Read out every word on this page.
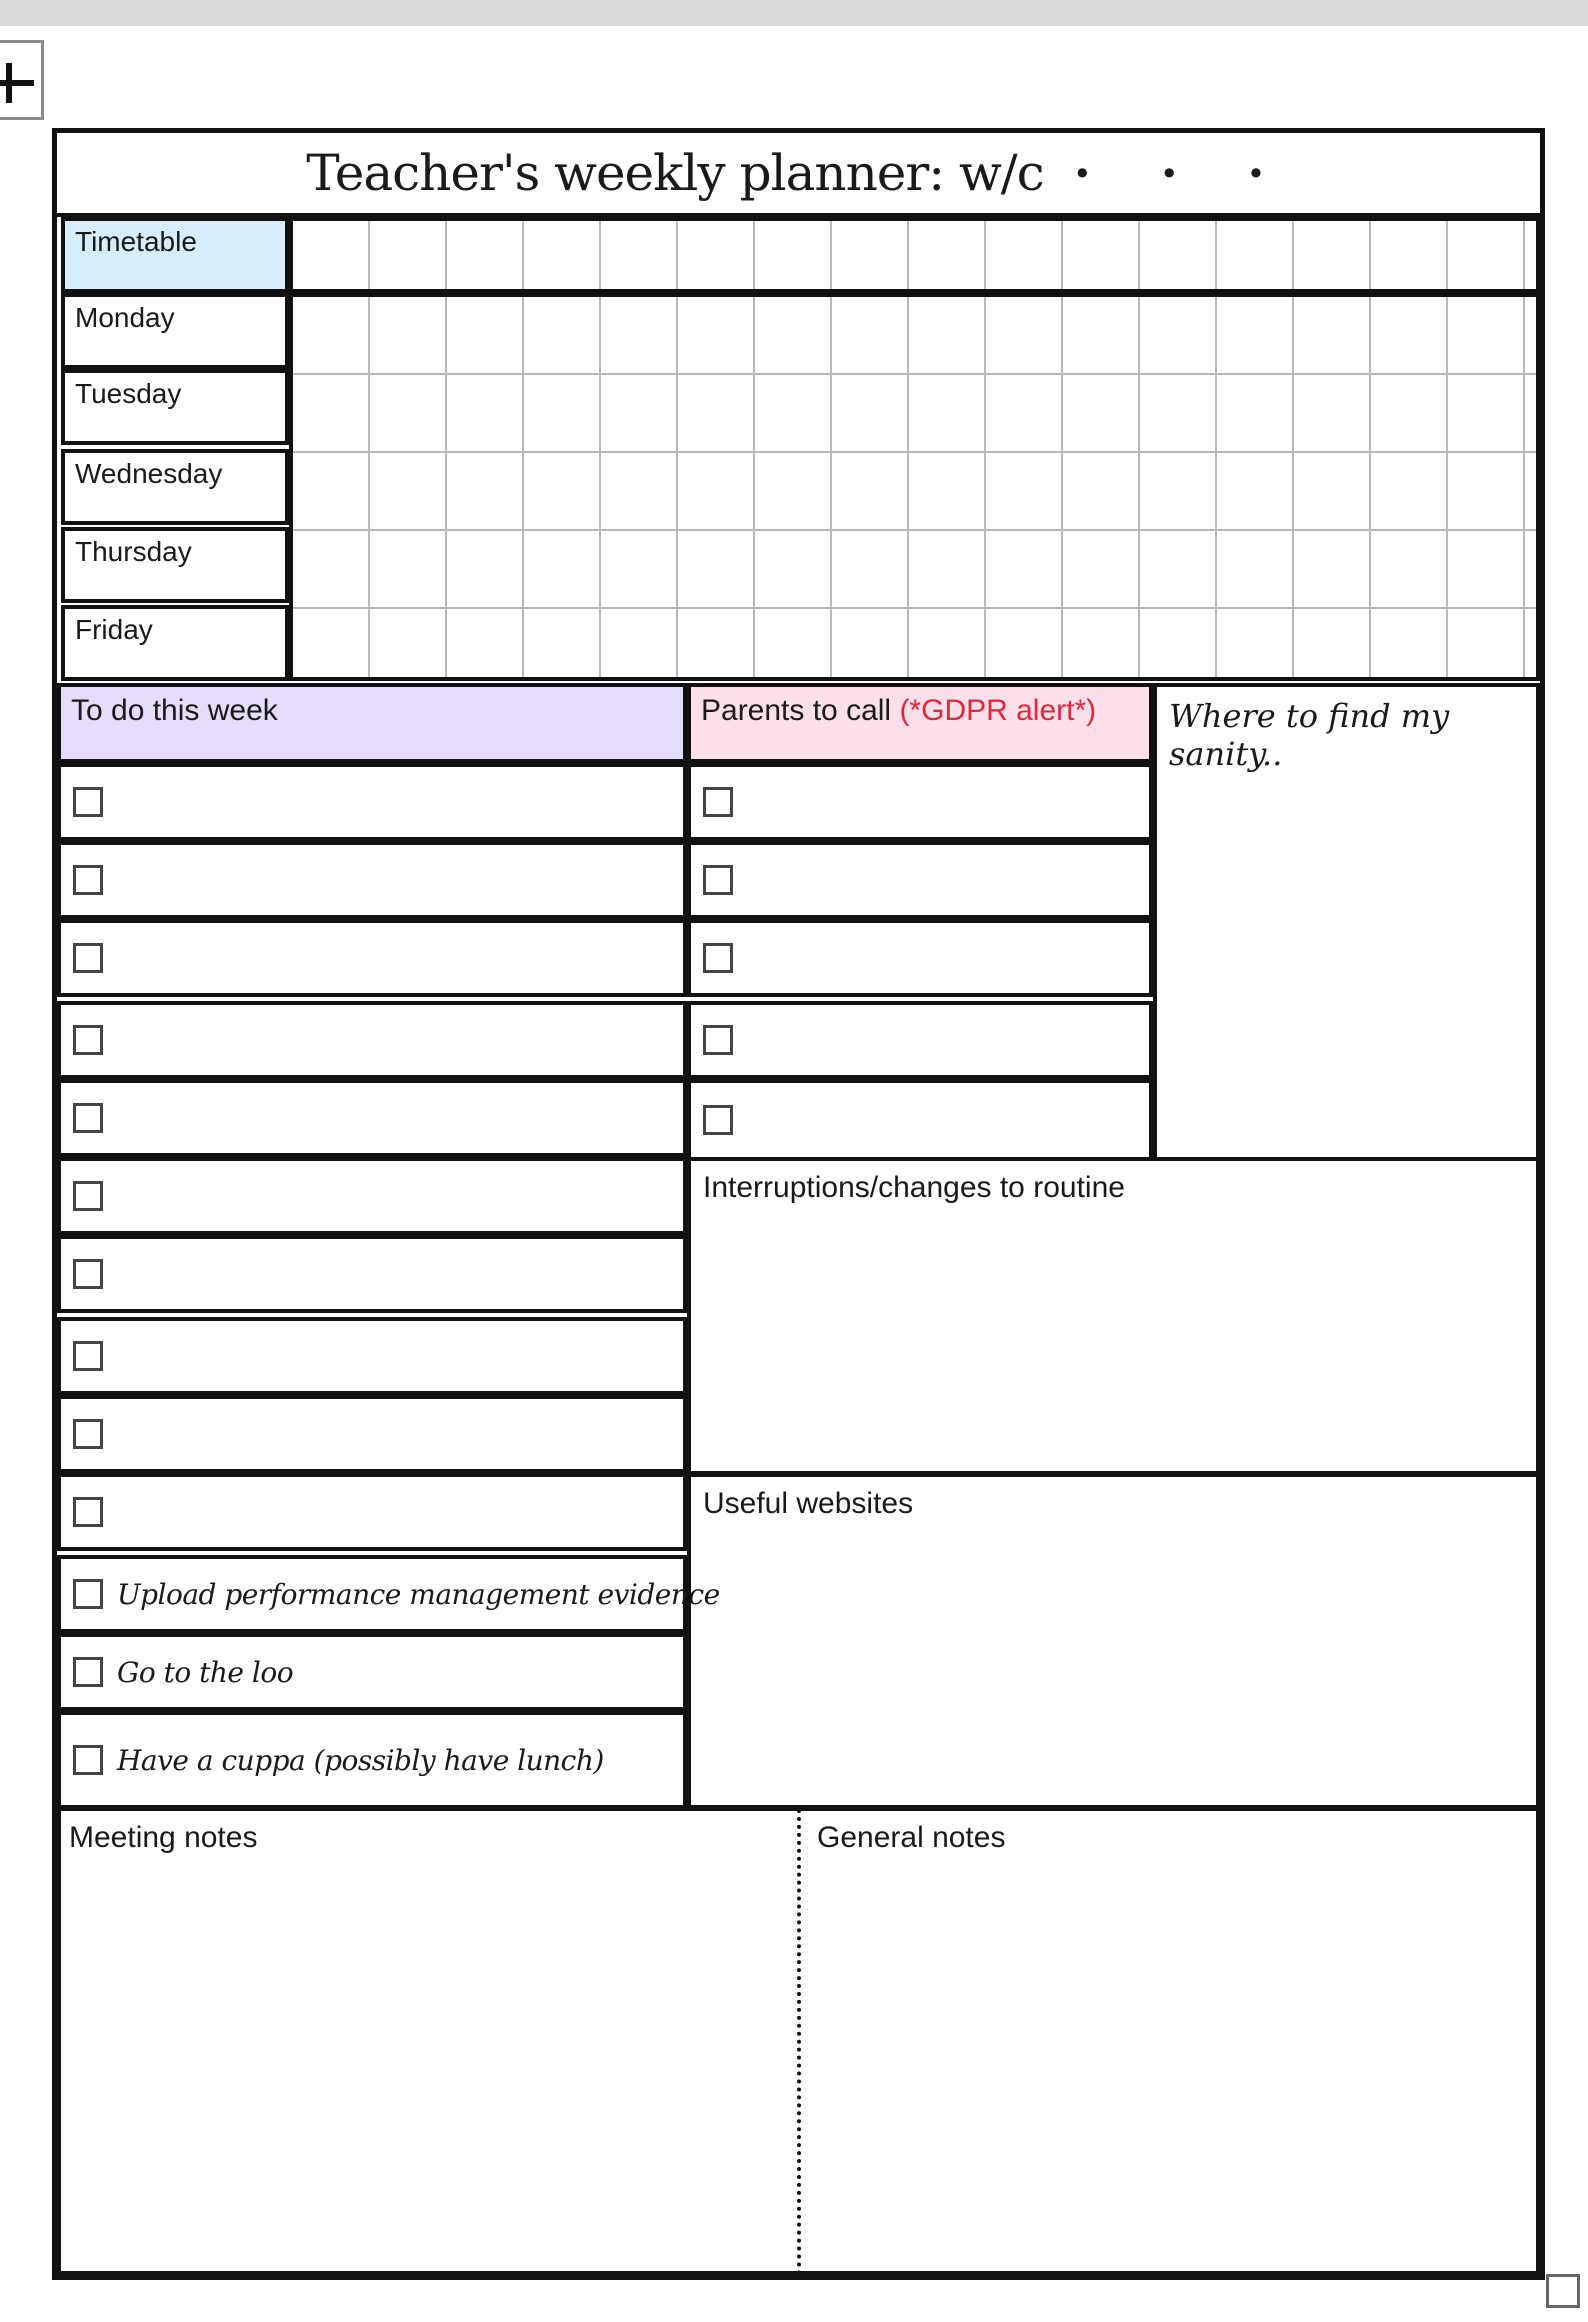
Teacher's weekly planner: w/c · · ·
Timetable
Monday
Tuesday
Wednesday
Thursday
Friday
To do this week	Parents to call (*GDPR alert*)	Where to find my sanity..
Upload performance management evidence
Go to the loo
Have a cuppa (possibly have lunch)
Interruptions/changes to routine
Useful websites
Meeting notes	General notes
